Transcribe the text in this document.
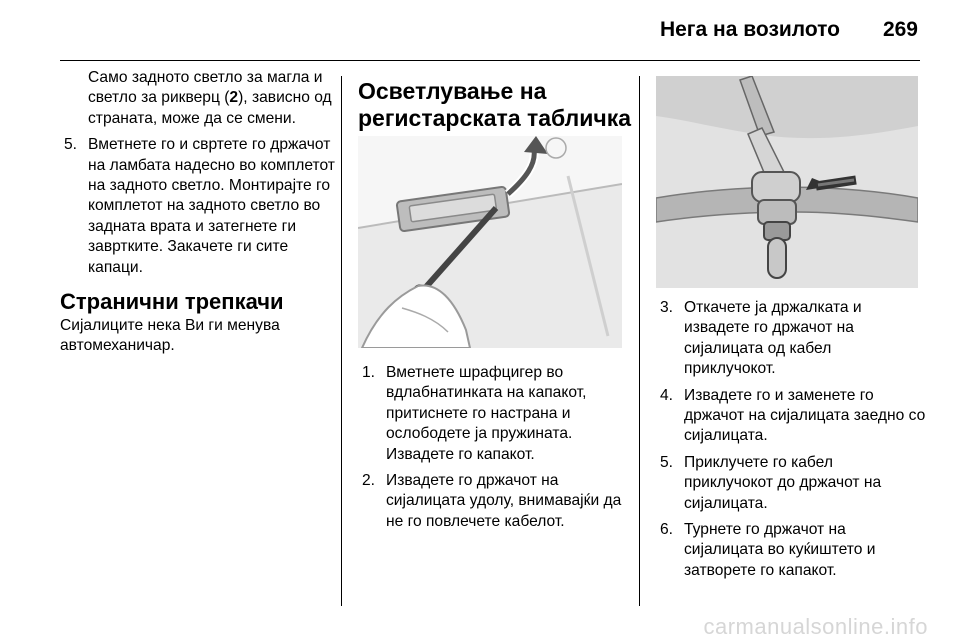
Нега на возилото 269

Само задното светло за магла и светло за рикверц (2), зависно од страната, може да се смени.

5. Вметнете го и свртете го држачот на ламбата надесно во комплетот на задното светло. Монтирајте го комплетот на задното светло во задната врата и затегнете ги завртките. Закачете ги сите капаци.
Странични трепкачи

Сијалиците нека Ви ги менува автомеханичар.

Осветлување на регистарската табличка
1. Вметнете шрафцигер во вдлабнатинката на капакот, притиснете го настрана и ослободете ја пружината. Извадете го капакот.
2. Извадете го држачот на сијалицата удолу, внимавајќи да не го повлечете кабелот.
3. Откачете ја држалката и извадете го држачот на сијалицата од кабел приклучокот.
4. Извадете го и заменете го држачот на сијалицата заедно со сијалицата.
5. Приклучете го кабел приклучокот до држачот на сијалицата.
6. Турнете го држачот на сијалицата во куќиштето и затворете го капакот.
carmanualsonline.info
